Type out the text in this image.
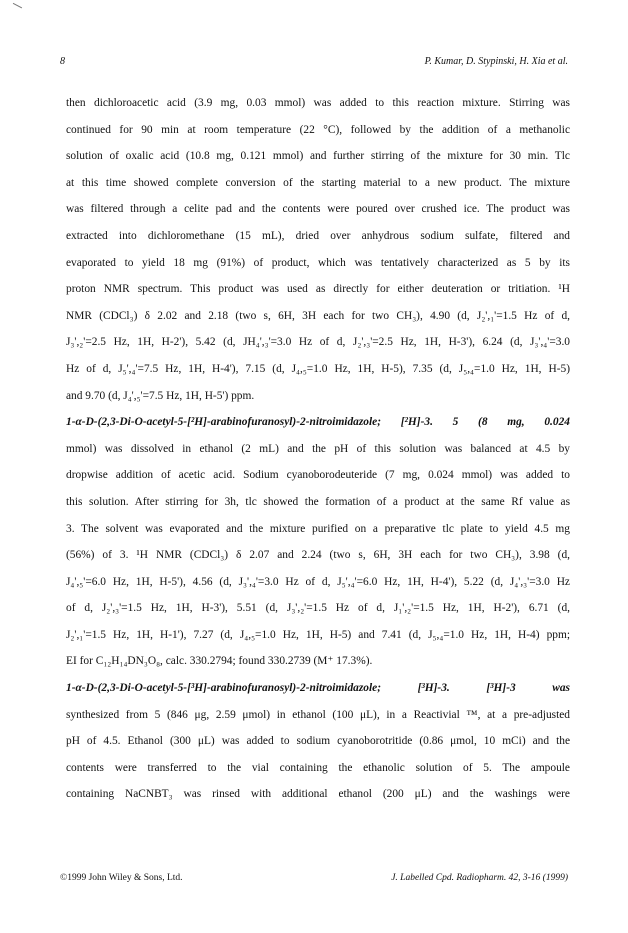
8	P. Kumar, D. Stypinski, H. Xia et al.
then dichloroacetic acid (3.9 mg, 0.03 mmol) was added to this reaction mixture. Stirring was
continued for 90 min at room temperature (22 °C), followed by the addition of a methanolic
solution of oxalic acid (10.8 mg, 0.121 mmol) and further stirring of the mixture for 30 min. Tlc
at this time showed complete conversion of the starting material to a new product. The mixture
was filtered through a celite pad and the contents were poured over crushed ice. The product was
extracted into dichloromethane (15 mL), dried over anhydrous sodium sulfate, filtered and
evaporated to yield 18 mg (91%) of product, which was tentatively characterized as 5 by its
proton NMR spectrum. This product was used as directly for either deuteration or tritiation. ¹H
NMR (CDCl₃) δ 2.02 and 2.18 (two s, 6H, 3H each for two CH₃), 4.90 (d, J₂',₁'=1.5 Hz of d,
J₃',₂'=2.5 Hz, 1H, H-2'), 5.42 (d, JH₄',₃'=3.0 Hz of d, J₂',₃'=2.5 Hz, 1H, H-3'), 6.24 (d, J₃',₄'=3.0
Hz of d, J₅',₄'=7.5 Hz, 1H, H-4'), 7.15 (d, J₄,₅=1.0 Hz, 1H, H-5), 7.35 (d, J₅,₄=1.0 Hz, 1H, H-5)
and 9.70 (d, J₄',₅'=7.5 Hz, 1H, H-5') ppm.
1-α-D-(2,3-Di-O-acetyl-5-[²H]-arabinofuranosyl)-2-nitroimidazole; [²H]-3. 5 (8 mg, 0.024
mmol) was dissolved in ethanol (2 mL) and the pH of this solution was balanced at 4.5 by
dropwise addition of acetic acid. Sodium cyanoborodeuteride (7 mg, 0.024 mmol) was added to
this solution. After stirring for 3h, tlc showed the formation of a product at the same Rf value as
3. The solvent was evaporated and the mixture purified on a preparative tlc plate to yield 4.5 mg
(56%) of 3. ¹H NMR (CDCl₃) δ 2.07 and 2.24 (two s, 6H, 3H each for two CH₃), 3.98 (d,
J₄',₅'=6.0 Hz, 1H, H-5'), 4.56 (d, J₃',₄'=3.0 Hz of d, J₅',₄'=6.0 Hz, 1H, H-4'), 5.22 (d, J₄',₃'=3.0 Hz
of d, J₂',₃'=1.5 Hz, 1H, H-3'), 5.51 (d, J₃',₂'=1.5 Hz of d, J₁',₂'=1.5 Hz, 1H, H-2'), 6.71 (d,
J₂',₁'=1.5 Hz, 1H, H-1'), 7.27 (d, J₄,₅=1.0 Hz, 1H, H-5) and 7.41 (d, J₅,₄=1.0 Hz, 1H, H-4) ppm;
EI for C₁₂H₁₄DN₃O₈, calc. 330.2794; found 330.2739 (M⁺ 17.3%).
1-α-D-(2,3-Di-O-acetyl-5-[³H]-arabinofuranosyl)-2-nitroimidazole; [³H]-3. [³H]-3 was
synthesized from 5 (846 μg, 2.59 μmol) in ethanol (100 μL), in a Reactivial ™, at a pre-adjusted
pH of 4.5. Ethanol (300 μL) was added to sodium cyanoborotritide (0.86 μmol, 10 mCi) and the
contents were transferred to the vial containing the ethanolic solution of 5. The ampoule
containing NaCNBT₃ was rinsed with additional ethanol (200 μL) and the washings were
©1999 John Wiley & Sons, Ltd.	J. Labelled Cpd. Radiopharm. 42, 3-16 (1999)
